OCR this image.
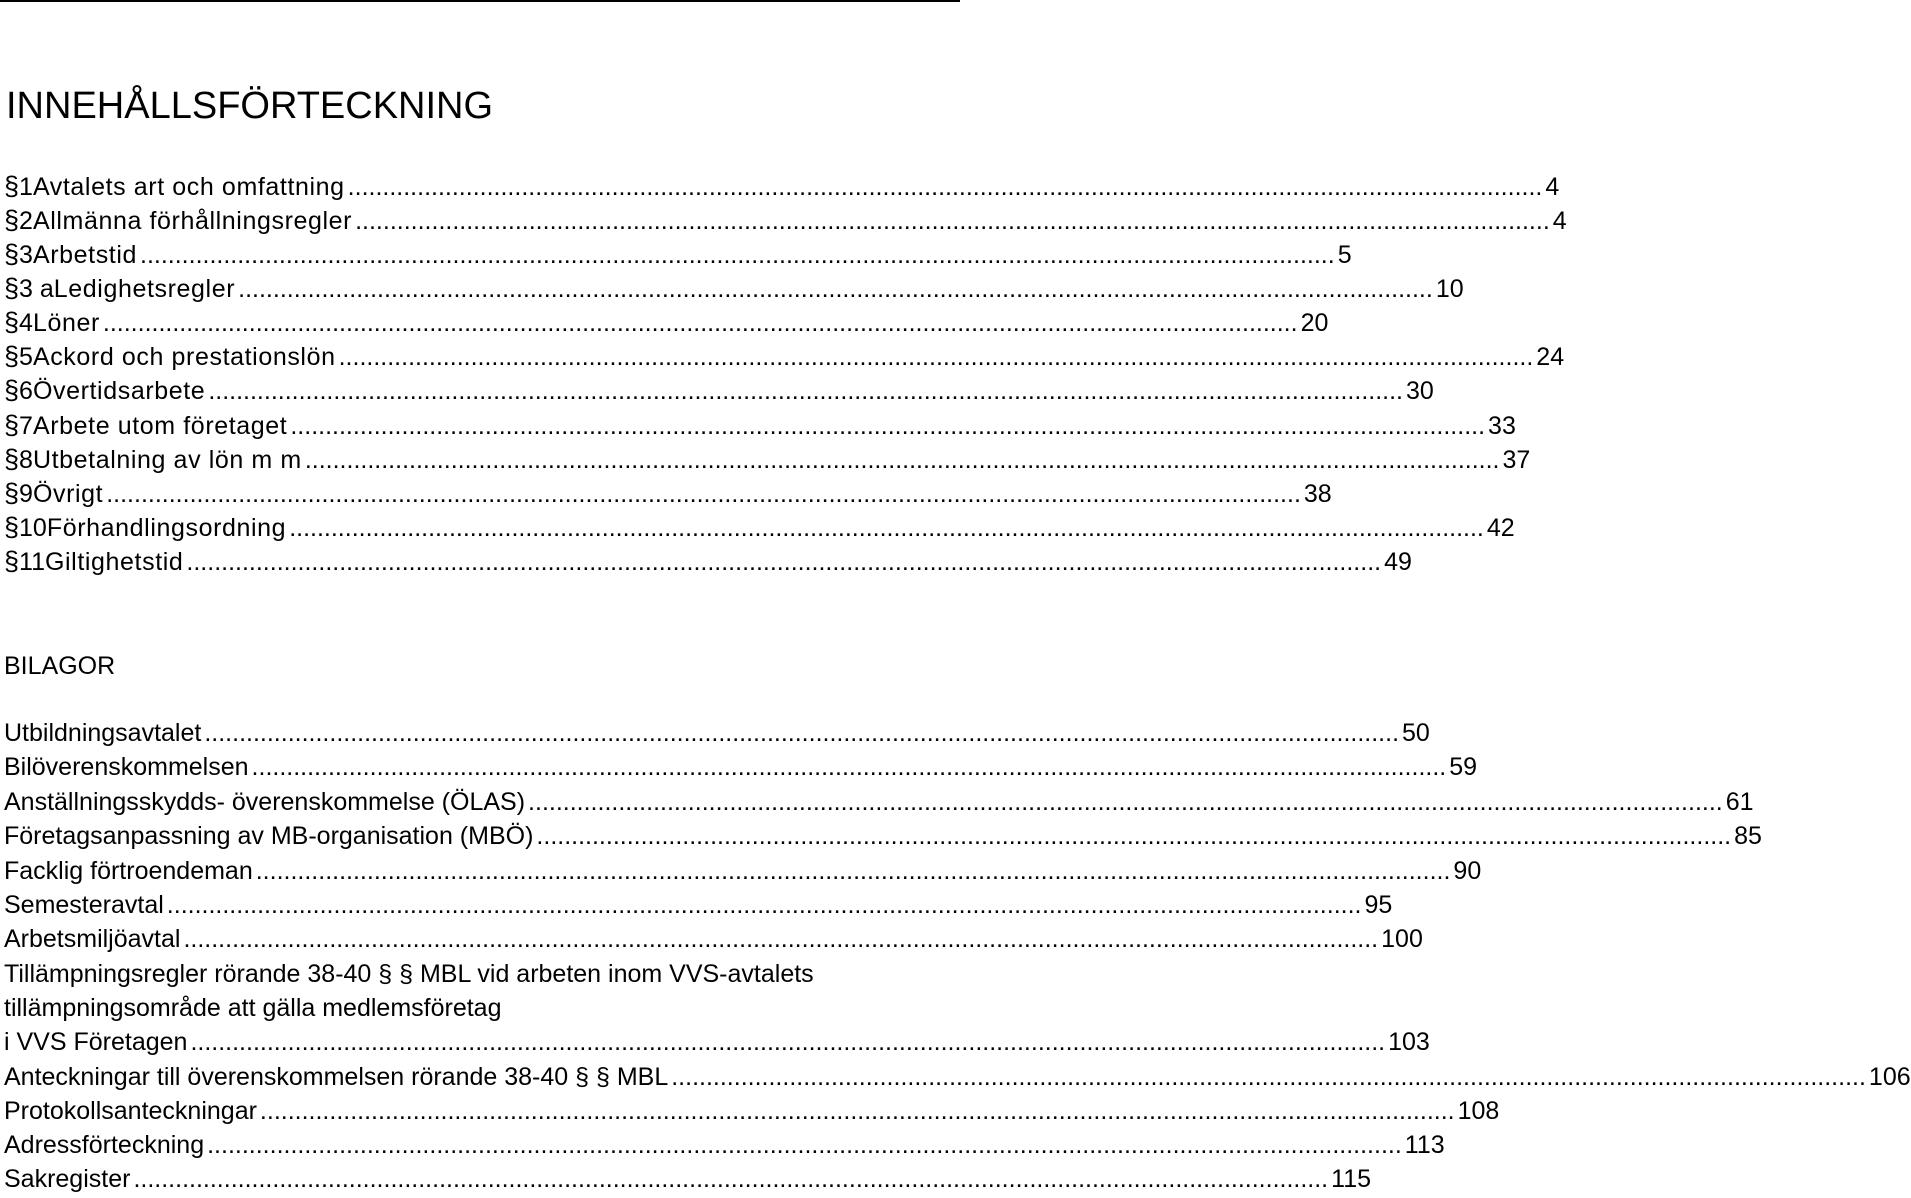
INNEHÅLLSFÖRTECKNING
§ 1 Avtalets art och omfattning ............................................................................................................................................................................ 4
§ 2 Allmänna förhållningsregler ............................................................................................................................................................................ 4
§ 3 Arbetstid ............................................................................................................................................................................ 5
§ 3 a Ledighetsregler ............................................................................................................................................................................ 10
§ 4 Löner ............................................................................................................................................................................ 20
§ 5 Ackord och prestationslön ............................................................................................................................................................................ 24
§ 6 Övertidsarbete ............................................................................................................................................................................ 30
§ 7 Arbete utom företaget ............................................................................................................................................................................ 33
§ 8 Utbetalning av lön m m ............................................................................................................................................................................ 37
§ 9 Övrigt ............................................................................................................................................................................ 38
§ 10 Förhandlingsordning ............................................................................................................................................................................ 42
§ 11 Giltighetstid ............................................................................................................................................................................ 49
BILAGOR
Utbildningsavtalet ............................................................................................................................................................................ 50
Bilöverenskommelsen ............................................................................................................................................................................ 59
Anställningsskydds- överenskommelse (ÖLAS) ............................................................................................................................................................................ 61
Företagsanpassning av MB-organisation (MBÖ) ............................................................................................................................................................................ 85
Facklig förtroendeman ............................................................................................................................................................................ 90
Semesteravtal ............................................................................................................................................................................ 95
Arbetsmiljöavtal ............................................................................................................................................................................ 100
Tillämpningsregler rörande 38-40 § § MBL vid arbeten inom VVS-avtalets
tillämpningsområde att gälla medlemsföretag
i VVS Företagen ............................................................................................................................................................................ 103
Anteckningar till överenskommelsen rörande 38-40 § § MBL ............................................................................................................................................................................ 106
Protokollsanteckningar ............................................................................................................................................................................ 108
Adressförteckning ............................................................................................................................................................................ 113
Sakregister ............................................................................................................................................................................ 115
